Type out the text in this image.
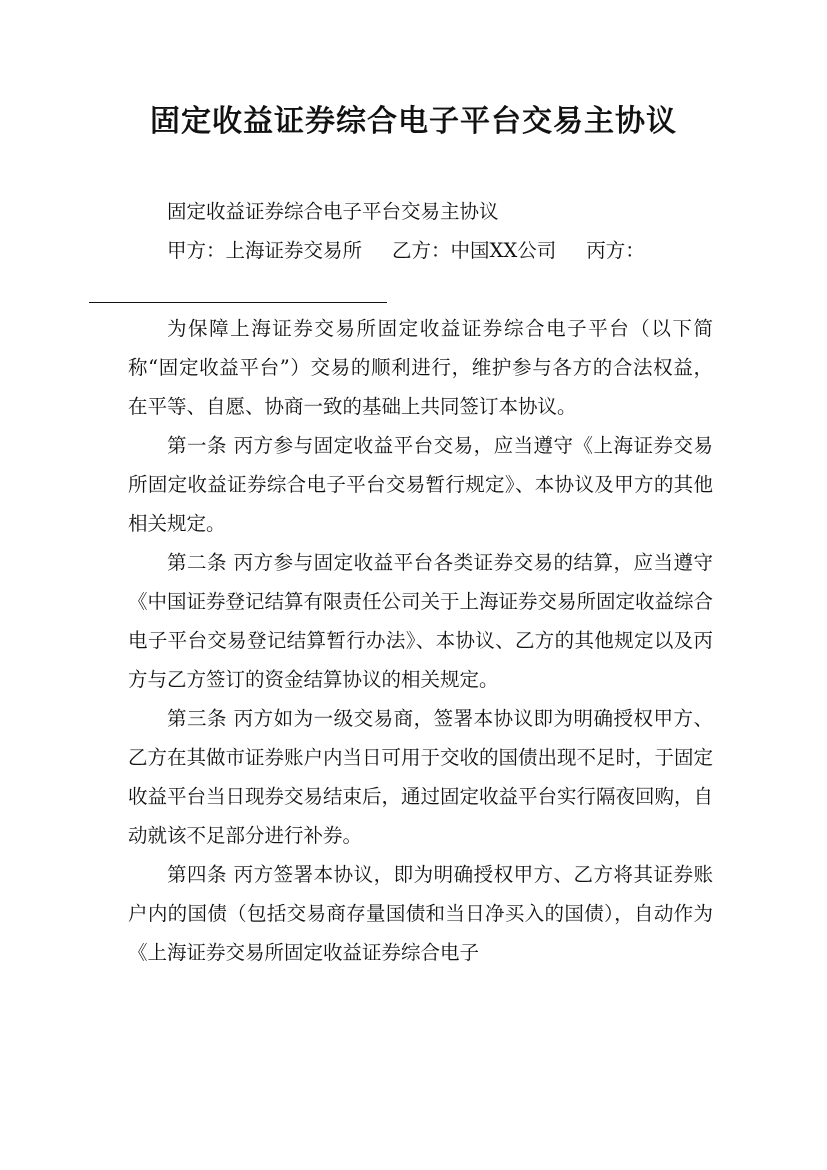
固定收益证券综合电子平台交易主协议

固定收益证券综合电子平台交易主协议

甲方：上海证券交易所 乙方：中国XX公司 丙方：

为保障上海证券交易所固定收益证券综合电子平台（以下简称“固定收益平台”）交易的顺利进行，维护参与各方的合法权益，在平等、自愿、协商一致的基础上共同签订本协议。

第一条 丙方参与固定收益平台交易，应当遵守《上海证券交易所固定收益证券综合电子平台交易暂行规定》、本协议及甲方的其他相关规定。

第二条 丙方参与固定收益平台各类证券交易的结算，应当遵守《中国证券登记结算有限责任公司关于上海证券交易所固定收益综合电子平台交易登记结算暂行办法》、本协议、乙方的其他规定以及丙方与乙方签订的资金结算协议的相关规定。

第三条 丙方如为一级交易商，签署本协议即为明确授权甲方、乙方在其做市证券账户内当日可用于交收的国债出现不足时，于固定收益平台当日现券交易结束后，通过固定收益平台实行隔夜回购，自动就该不足部分进行补券。

第四条 丙方签署本协议，即为明确授权甲方、乙方将其证券账户内的国债（包括交易商存量国债和当日净买入的国债），自动作为《上海证券交易所固定收益证券综合电子
